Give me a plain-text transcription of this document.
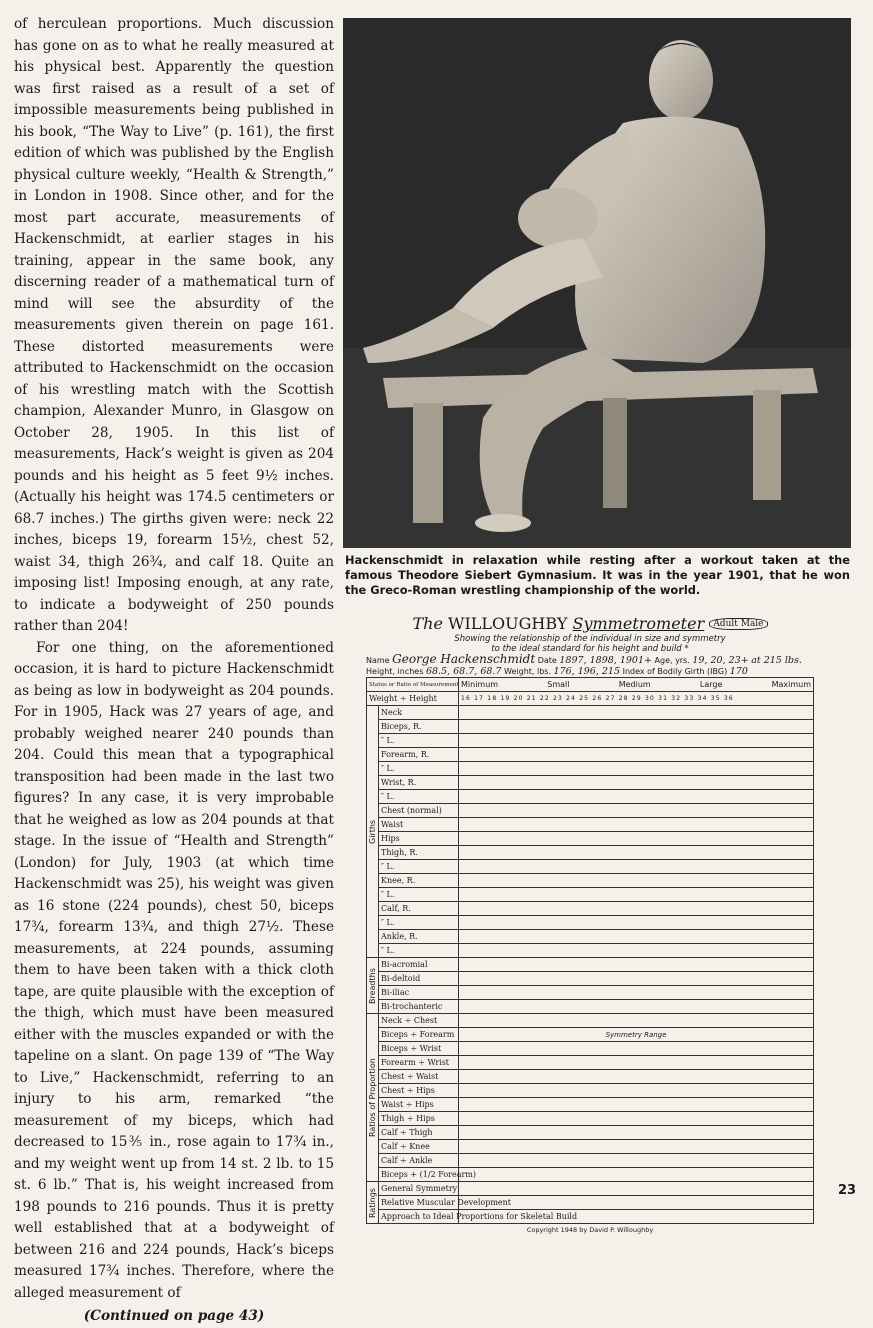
of herculean proportions. Much discussion has gone on as to what he really measured at his physical best. Apparently the question was first raised as a result of a set of impossible measurements being published in his book, “The Way to Live” (p. 161), the first edition of which was published by the English physical culture weekly, “Health & Strength,” in London in 1908. Since other, and for the most part accurate, measurements of Hackenschmidt, at earlier stages in his training, appear in the same book, any discerning reader of a mathematical turn of mind will see the absurdity of the measurements given therein on page 161. These distorted measurements were attributed to Hackenschmidt on the occasion of his wrestling match with the Scottish champion, Alexander Munro, in Glasgow on October 28, 1905. In this list of measurements, Hack’s weight is given as 204 pounds and his height as 5 feet 9½ inches. (Actually his height was 174.5 centimeters or 68.7 inches.) The girths given were: neck 22 inches, biceps 19, forearm 15½, chest 52, waist 34, thigh 26¾, and calf 18. Quite an imposing list! Imposing enough, at any rate, to indicate a bodyweight of 250 pounds rather than 204!

For one thing, on the aforementioned occasion, it is hard to picture Hackenschmidt as being as low in bodyweight as 204 pounds. For in 1905, Hack was 27 years of age, and probably weighed nearer 240 pounds than 204. Could this mean that a typographical transposition had been made in the last two figures? In any case, it is very improbable that he weighed as low as 204 pounds at that stage. In the issue of “Health and Strength” (London) for July, 1903 (at which time Hackenschmidt was 25), his weight was given as 16 stone (224 pounds), chest 50, biceps 17¾, forearm 13¾, and thigh 27½. These measurements, at 224 pounds, assuming them to have been taken with a thick cloth tape, are quite plausible with the exception of the thigh, which must have been measured either with the muscles expanded or with the tapeline on a slant. On page 139 of “The Way to Live,” Hackenschmidt, referring to an injury to his arm, remarked “the measurement of my biceps, which had decreased to 15⅗ in., rose again to 17¾ in., and my weight went up from 14 st. 2 lb. to 15 st. 6 lb.” That is, his weight increased from 198 pounds to 216 pounds. Thus it is pretty well established that at a bodyweight of between 216 and 224 pounds, Hack’s biceps measured 17¾ inches. Therefore, where the alleged measurement of

(Continued on page 43)
Hackenschmidt in relaxation while resting after a workout taken at the famous Theodore Siebert Gymnasium. It was in the year 1901, that he won the Greco-Roman wrestling championship of the world.
The WILLOUGHBY Symmetrometer Adult Male
Showing the relationship of the individual in size and symmetry
to the ideal standard for his height and build *
Name George Hackenschmidt Date 1897, 1898, 1901+ Age, yrs. 19, 20, 23+ at 215 lbs.
Height, inches 68.5, 68.7, 68.7 Weight, lbs. 176, 196, 215 Index of Bodily Girth (IBG) 170
Status or Ratio of Measurement		Minimum Small Medium Large Maximum

Weight ÷ Height		16 17 18 19 20 21 22 23 24 25 26 27 28 29 30 31 32 33 34 35 36
Girths	Neck	
	Biceps, R.	
	″ L.	
	Forearm, R.	
	″ L.	
	Wrist, R.	
	″ L.	
	Chest (normal)	
	Waist	
	Hips	
	Thigh, R.	
	″ L.	
	Knee, R.	
	″ L.	
	Calf, R.	
	″ L.	
	Ankle, R.	
	″ L.	
Breadths	Bi-acromial	
	Bi-deltoid	
	Bi-iliac	
	Bi-trochanteric	
Ratios of Proportion	Neck ÷ Chest	
	Biceps ÷ Forearm	Symmetry Range

	Biceps ÷ Wrist	
	Forearm ÷ Wrist	
	Chest ÷ Waist	
	Chest ÷ Hips	
	Waist ÷ Hips	
	Thigh ÷ Hips	
	Calf ÷ Thigh	
	Calf ÷ Knee	
	Calf ÷ Ankle	
	Biceps + (1/2 Forearm)	
Ratings	General Symmetry	
	Relative Muscular Development	
	Approach to Ideal Proportions for Skeletal Build	
Copyright 1948 by David P. Willoughby
23
